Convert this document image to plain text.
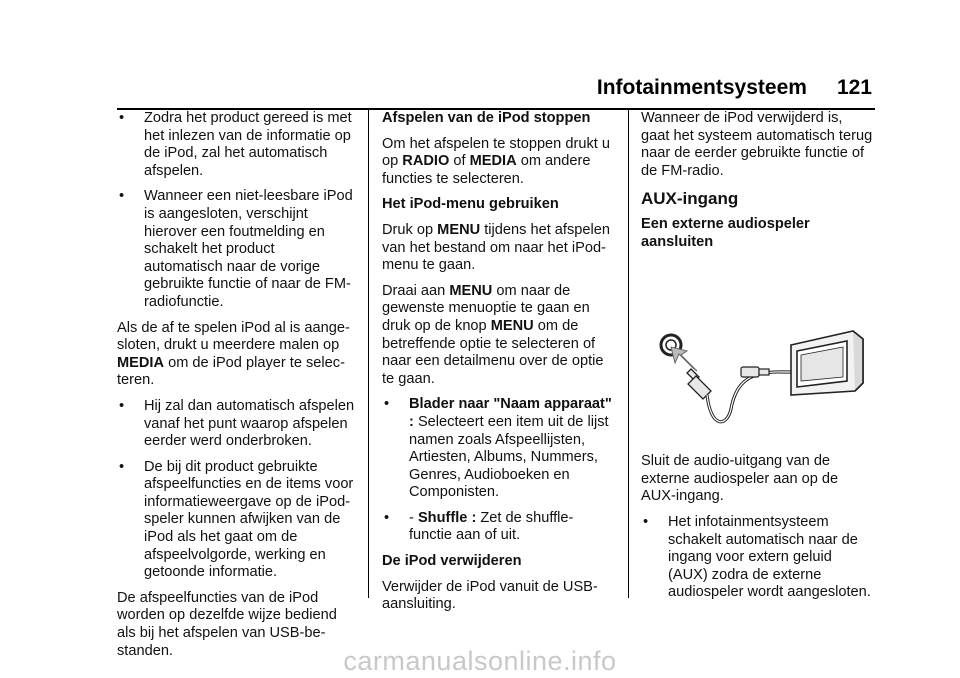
Infotainmentsysteem 121
•	Zodra het product gereed is met het inlezen van de informatie op de iPod, zal het automatisch afspelen.
•	Wanneer een niet-leesbare iPod is aangesloten, verschijnt hierover een foutmelding en schakelt het product automatisch naar de vorige gebruikte functie of naar de FM-radiofunctie.

Als de af te spelen iPod al is aange-sloten, drukt u meerdere malen op
MEDIA om de iPod player te selec-teren.

•	Hij zal dan automatisch afspelen vanaf het punt waarop afspelen eerder werd onderbroken.
•	De bij dit product gebruikte afspeelfuncties en de items voor informatieweergave op de iPod-speler kunnen afwijken van de iPod als het gaat om de afspeelvolgorde, werking en getoonde informatie.

De afspeelfuncties van de iPod worden op dezelfde wijze bediend als bij het afspelen van USB-be-standen.

Afspelen van de iPod stoppen

Om het afspelen te stoppen drukt u op RADIO of MEDIA om andere functies te selecteren.

Het iPod-menu gebruiken

Druk op MENU tijdens het afspelen van het bestand om naar het iPod-menu te gaan.

Draai aan MENU om naar de gewenste menuoptie te gaan en druk op de knop MENU om de betreffende optie te selecteren of naar een detailmenu over de optie te gaan.

•	Blader naar "Naam apparaat" : Selecteert een item uit de lijst namen zoals Afspeellijsten, Artiesten, Albums, Nummers, Genres, Audioboeken en Componisten.
•	- Shuffle : Zet de shuffle-functie aan of uit.
De iPod verwijderen

Verwijder de iPod vanuit de USB-aansluiting.

Wanneer de iPod verwijderd is, gaat het systeem automatisch terug naar de eerder gebruikte functie of de FM-radio.

AUX-ingang
Een externe audiospeler aansluiten

Sluit de audio-uitgang van de externe audiospeler aan op de AUX-ingang.

•	Het infotainmentsysteem schakelt automatisch naar de ingang voor extern geluid (AUX) zodra de externe audiospeler wordt aangesloten.
carmanualsonline.info
